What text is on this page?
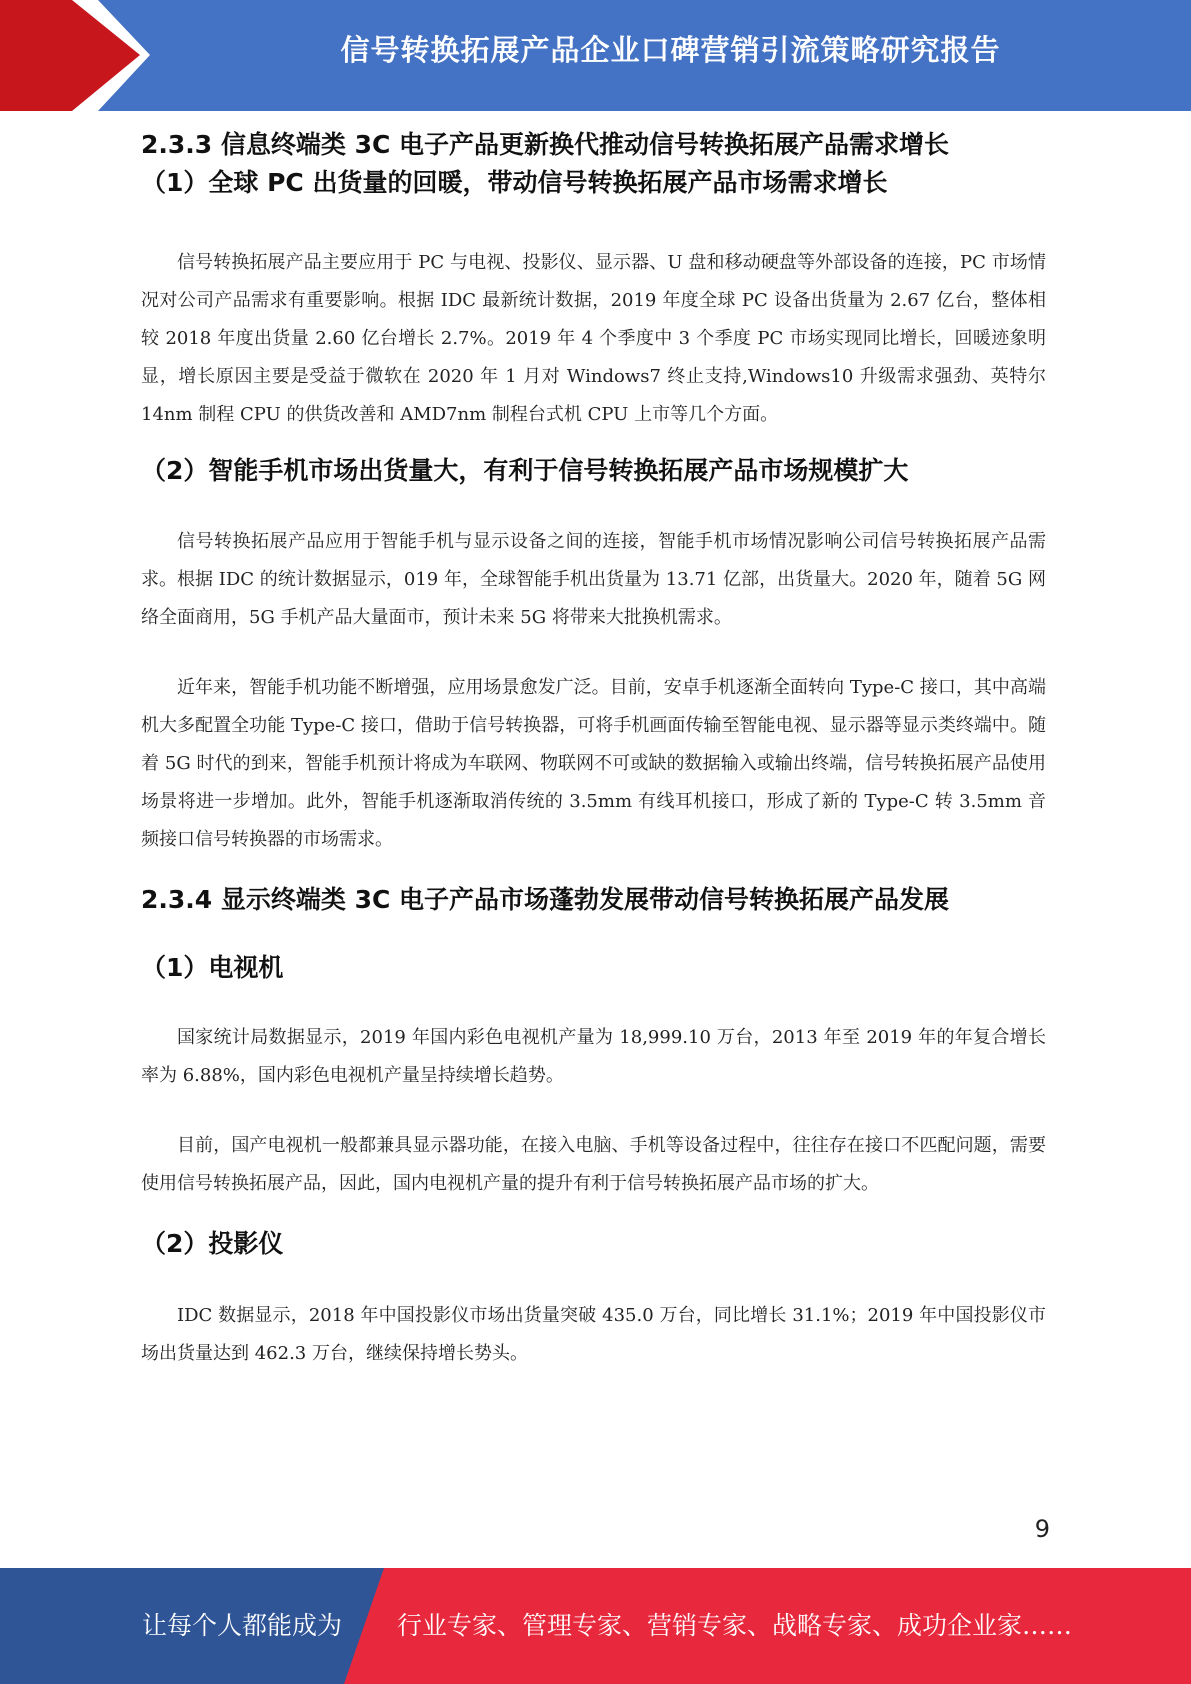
信号转换拓展产品企业口碑营销引流策略研究报告
2.3.3 信息终端类 3C 电子产品更新换代推动信号转换拓展产品需求增长
（1）全球 PC 出货量的回暖，带动信号转换拓展产品市场需求增长

信号转换拓展产品主要应用于 PC 与电视、投影仪、显示器、U 盘和移动硬盘等外部设备的连接，PC 市场情况对公司产品需求有重要影响。根据 IDC 最新统计数据，2019 年度全球 PC 设备出货量为 2.67 亿台，整体相较 2018 年度出货量 2.60 亿台增长 2.7%。2019 年 4 个季度中 3 个季度 PC 市场实现同比增长，回暖迹象明显，增长原因主要是受益于微软在 2020 年 1 月对 Windows7 终止支持,Windows10 升级需求强劲、英特尔 14nm 制程 CPU 的供货改善和 AMD7nm 制程台式机 CPU 上市等几个方面。

（2）智能手机市场出货量大，有利于信号转换拓展产品市场规模扩大

信号转换拓展产品应用于智能手机与显示设备之间的连接，智能手机市场情况影响公司信号转换拓展产品需求。根据 IDC 的统计数据显示，019 年，全球智能手机出货量为 13.71 亿部，出货量大。2020 年，随着 5G 网络全面商用，5G 手机产品大量面市，预计未来 5G 将带来大批换机需求。

近年来，智能手机功能不断增强，应用场景愈发广泛。目前，安卓手机逐渐全面转向 Type-C 接口，其中高端机大多配置全功能 Type-C 接口，借助于信号转换器，可将手机画面传输至智能电视、显示器等显示类终端中。随着 5G 时代的到来，智能手机预计将成为车联网、物联网不可或缺的数据输入或输出终端，信号转换拓展产品使用场景将进一步增加。此外，智能手机逐渐取消传统的 3.5mm 有线耳机接口，形成了新的 Type-C 转 3.5mm 音频接口信号转换器的市场需求。

2.3.4 显示终端类 3C 电子产品市场蓬勃发展带动信号转换拓展产品发展
（1）电视机

国家统计局数据显示，2019 年国内彩色电视机产量为 18,999.10 万台，2013 年至 2019 年的年复合增长率为 6.88%，国内彩色电视机产量呈持续增长趋势。

目前，国产电视机一般都兼具显示器功能，在接入电脑、手机等设备过程中，往往存在接口不匹配问题，需要使用信号转换拓展产品，因此，国内电视机产量的提升有利于信号转换拓展产品市场的扩大。

（2）投影仪

IDC 数据显示，2018 年中国投影仪市场出货量突破 435.0 万台，同比增长 31.1%；2019 年中国投影仪市场出货量达到 462.3 万台，继续保持增长势头。

9
让每个人都能成为 行业专家、管理专家、营销专家、战略专家、成功企业家……
